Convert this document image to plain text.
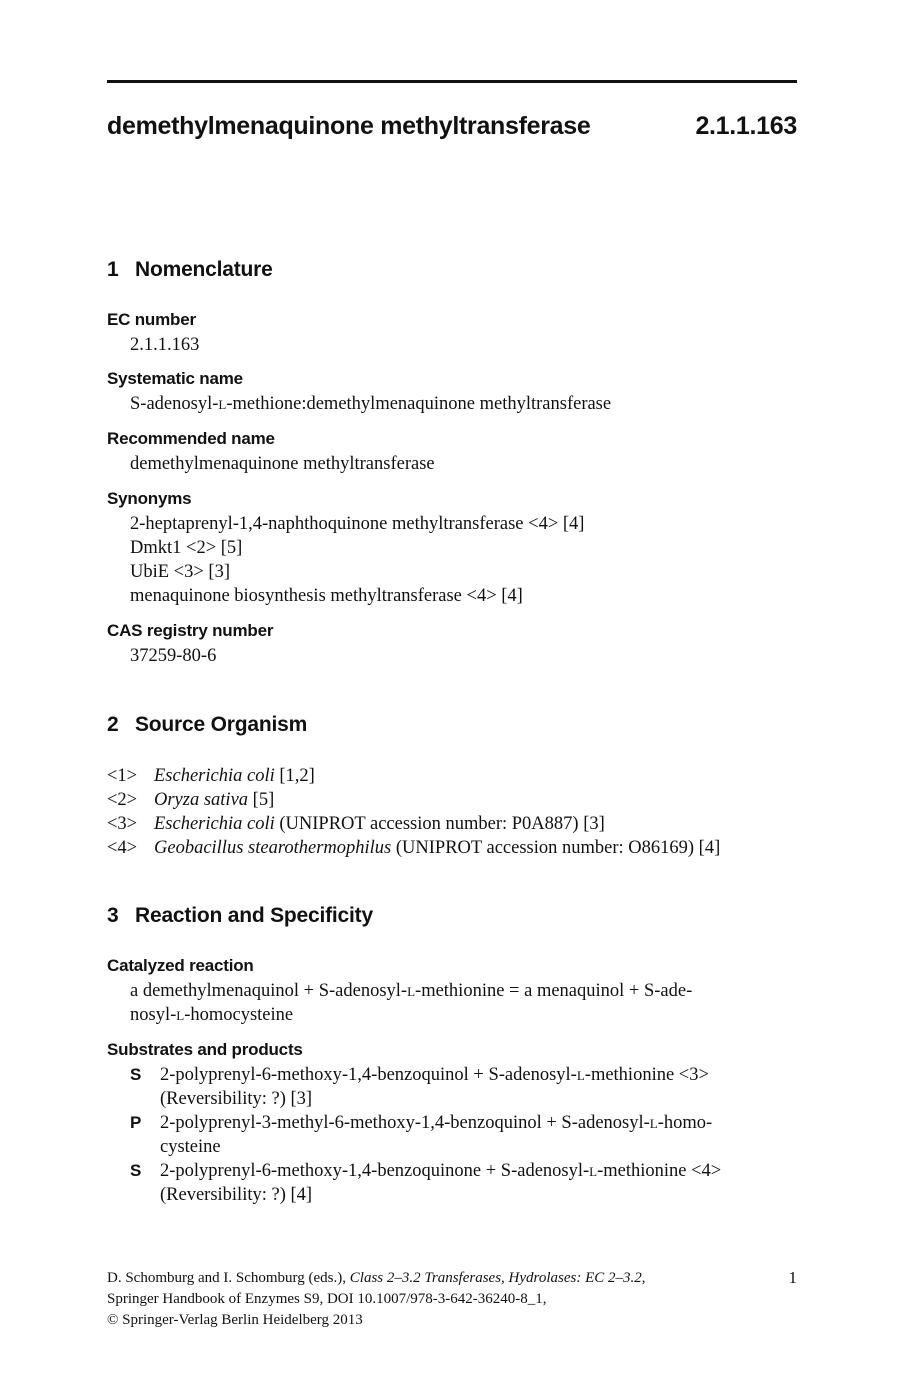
demethylmenaquinone methyltransferase	2.1.1.163
1 Nomenclature
EC number
2.1.1.163
Systematic name
S-adenosyl-l-methione:demethylmenaquinone methyltransferase
Recommended name
demethylmenaquinone methyltransferase
Synonyms
2-heptaprenyl-1,4-naphthoquinone methyltransferase <4> [4]
Dmkt1 <2> [5]
UbiE <3> [3]
menaquinone biosynthesis methyltransferase <4> [4]
CAS registry number
37259-80-6
2 Source Organism
<1> Escherichia coli [1,2]
<2> Oryza sativa [5]
<3> Escherichia coli (UNIPROT accession number: P0A887) [3]
<4> Geobacillus stearothermophilus (UNIPROT accession number: O86169) [4]
3 Reaction and Specificity
Catalyzed reaction
a demethylmenaquinol + S-adenosyl-l-methionine = a menaquinol + S-ade-
nosyl-l-homocysteine
Substrates and products
S	2-polyprenyl-6-methoxy-1,4-benzoquinol + S-adenosyl-l-methionine <3>
(Reversibility: ?) [3]
P	2-polyprenyl-3-methyl-6-methoxy-1,4-benzoquinol + S-adenosyl-l-homo-
cysteine
S	2-polyprenyl-6-methoxy-1,4-benzoquinone + S-adenosyl-l-methionine <4>
(Reversibility: ?) [4]
D. Schomburg and I. Schomburg (eds.), Class 2–3.2 Transferases, Hydrolases: EC 2–3.2,
Springer Handbook of Enzymes S9, DOI 10.1007/978-3-642-36240-8_1,
© Springer-Verlag Berlin Heidelberg 2013
1
